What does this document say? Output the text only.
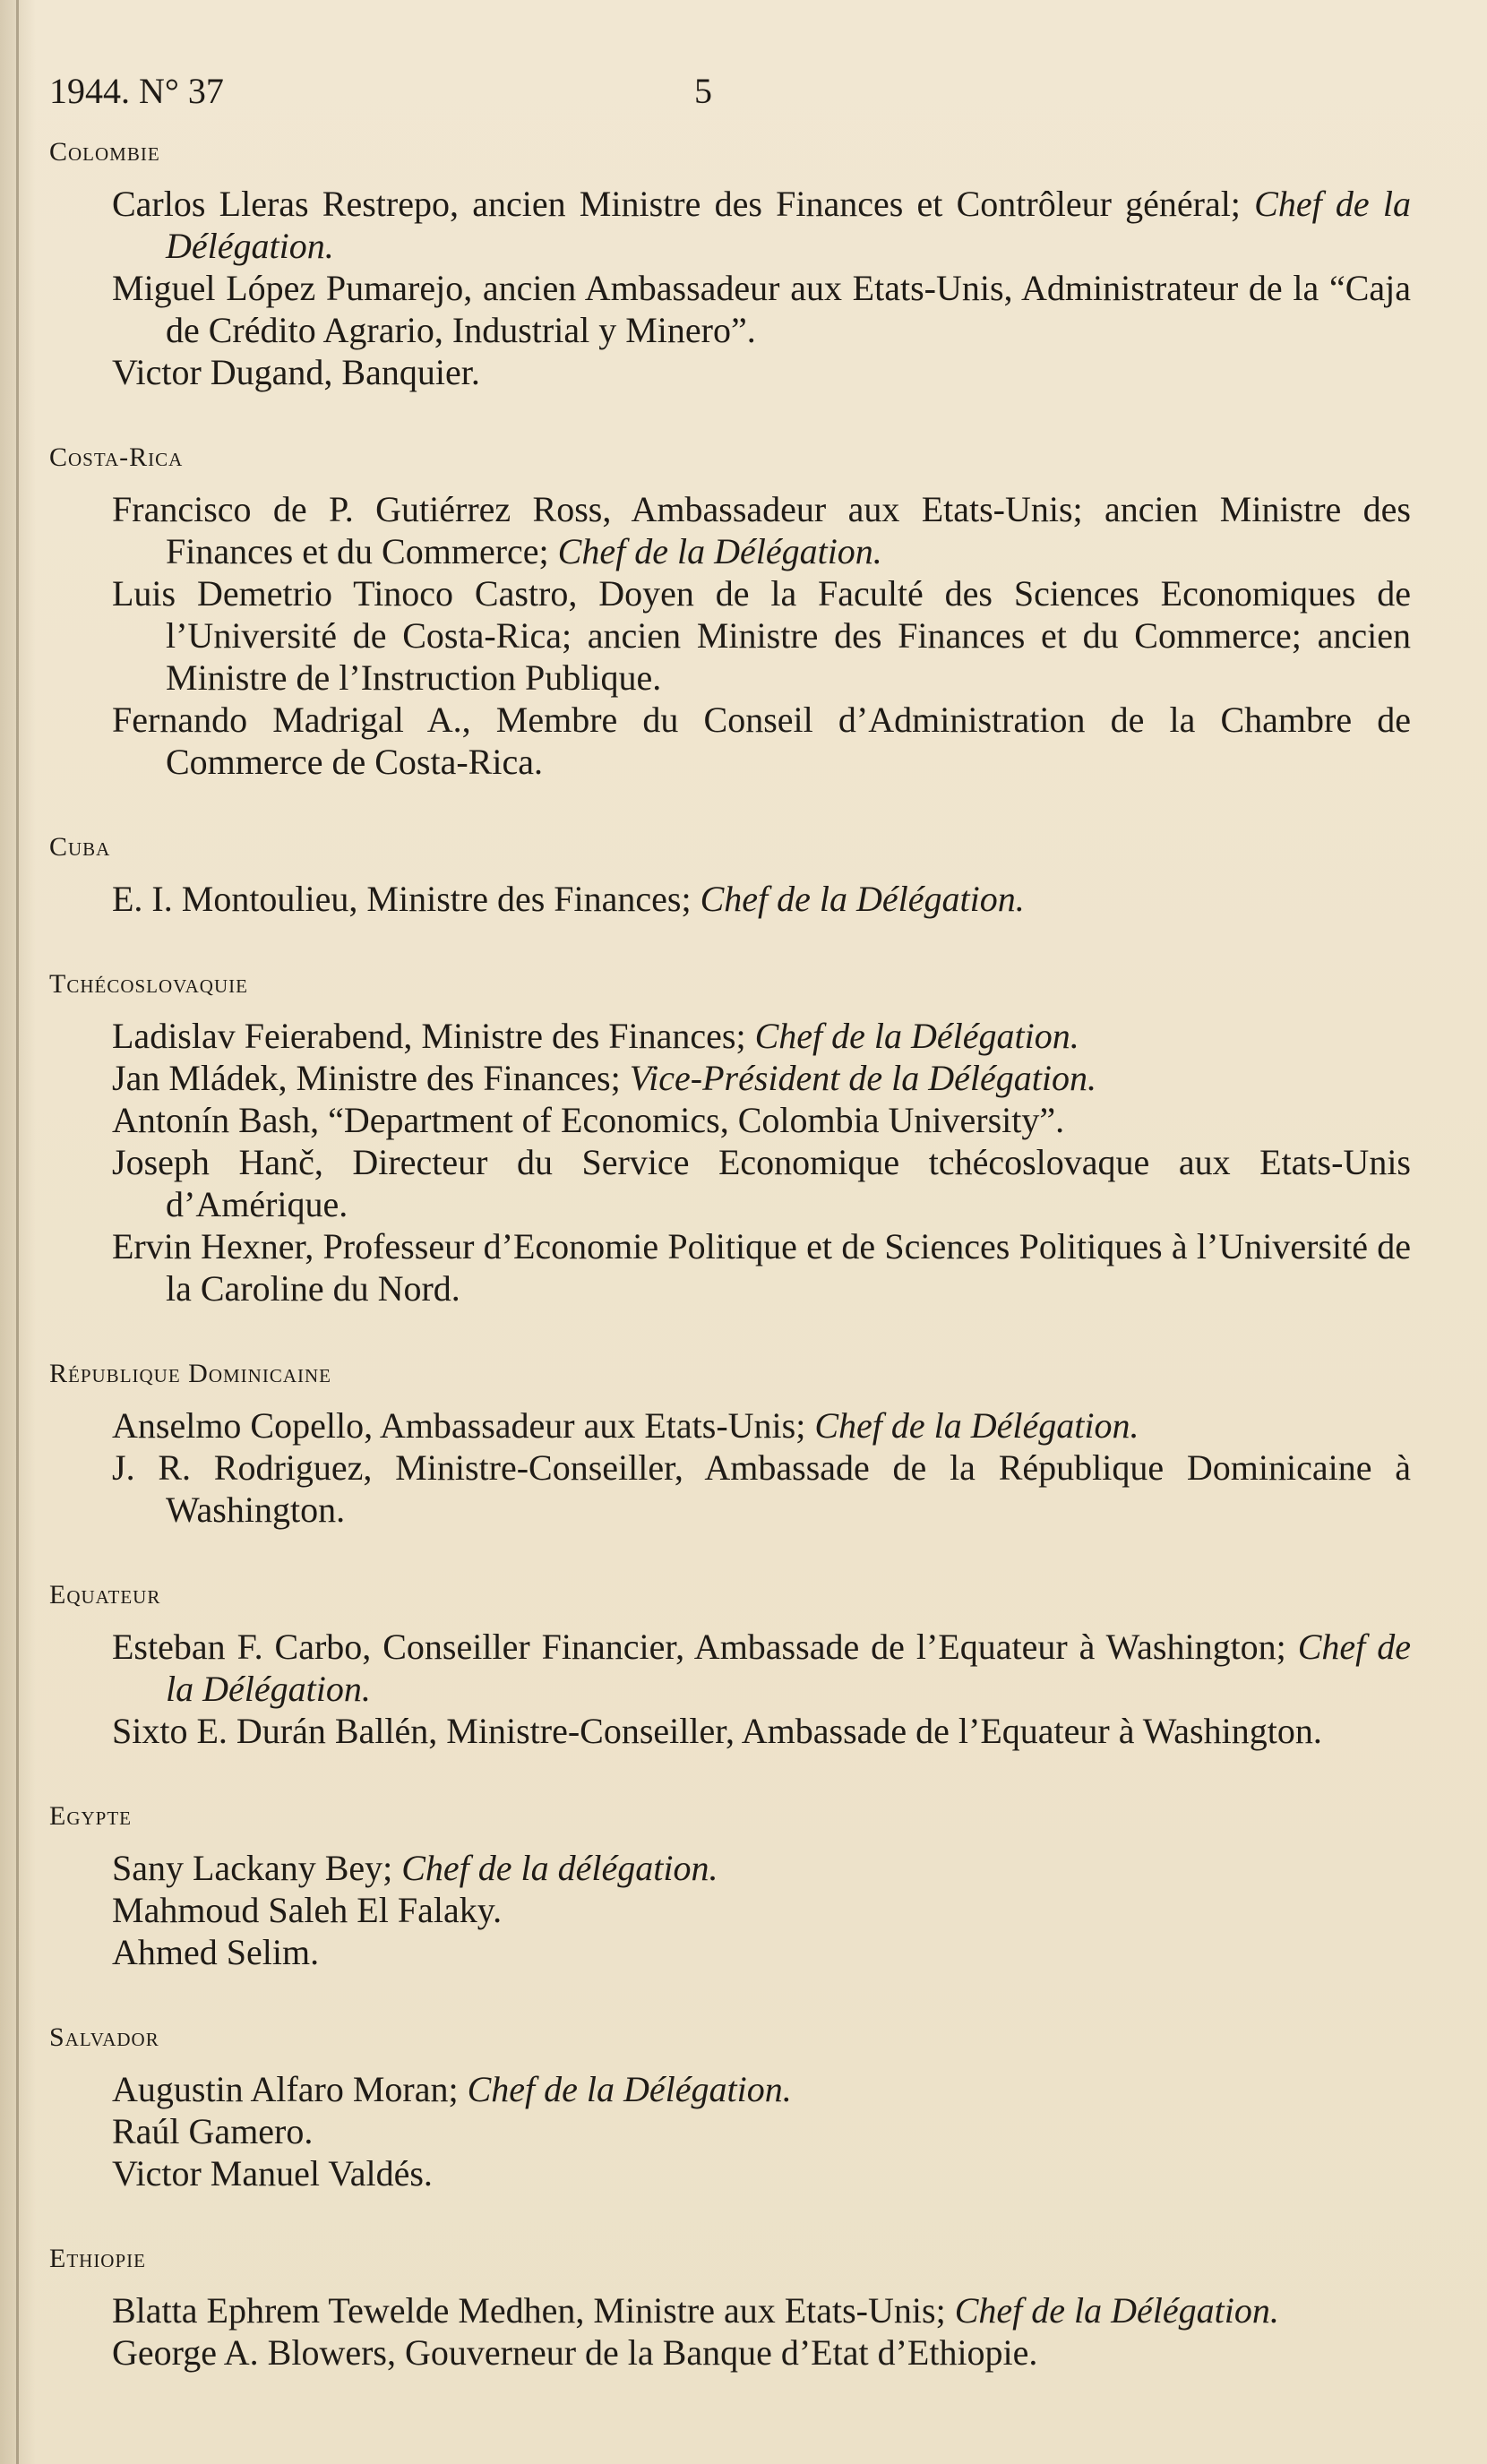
1944. N° 37	5
Colombie
Carlos Lleras Restrepo, ancien Ministre des Finances et Contrôleur général; Chef de la Délégation.
Miguel López Pumarejo, ancien Ambassadeur aux Etats-Unis, Administrateur de la “Caja de Crédito Agrario, Industrial y Minero”.
Victor Dugand, Banquier.
Costa-Rica
Francisco de P. Gutiérrez Ross, Ambassadeur aux Etats-Unis; ancien Ministre des Finances et du Commerce; Chef de la Délégation.
Luis Demetrio Tinoco Castro, Doyen de la Faculté des Sciences Economiques de l’Université de Costa-Rica; ancien Ministre des Finances et du Commerce; ancien Ministre de l’Instruction Publique.
Fernando Madrigal A., Membre du Conseil d’Administration de la Chambre de Commerce de Costa-Rica.
Cuba
E. I. Montoulieu, Ministre des Finances; Chef de la Délégation.
Tchécoslovaquie
Ladislav Feierabend, Ministre des Finances; Chef de la Délégation.
Jan Mládek, Ministre des Finances; Vice-Président de la Délégation.
Antonín Bash, “Department of Economics, Colombia University”.
Joseph Hanč, Directeur du Service Economique tchécoslovaque aux Etats-Unis d’Amérique.
Ervin Hexner, Professeur d’Economie Politique et de Sciences Politiques à l’Université de la Caroline du Nord.
République Dominicaine
Anselmo Copello, Ambassadeur aux Etats-Unis; Chef de la Délégation.
J. R. Rodriguez, Ministre-Conseiller, Ambassade de la République Dominicaine à Washington.
Equateur
Esteban F. Carbo, Conseiller Financier, Ambassade de l’Equateur à Washington; Chef de la Délégation.
Sixto E. Durán Ballén, Ministre-Conseiller, Ambassade de l’Equateur à Washington.
Egypte
Sany Lackany Bey; Chef de la délégation.
Mahmoud Saleh El Falaky.
Ahmed Selim.
Salvador
Augustin Alfaro Moran; Chef de la Délégation.
Raúl Gamero.
Victor Manuel Valdés.
Ethiopie
Blatta Ephrem Tewelde Medhen, Ministre aux Etats-Unis; Chef de la Délégation.
George A. Blowers, Gouverneur de la Banque d’Etat d’Ethiopie.
